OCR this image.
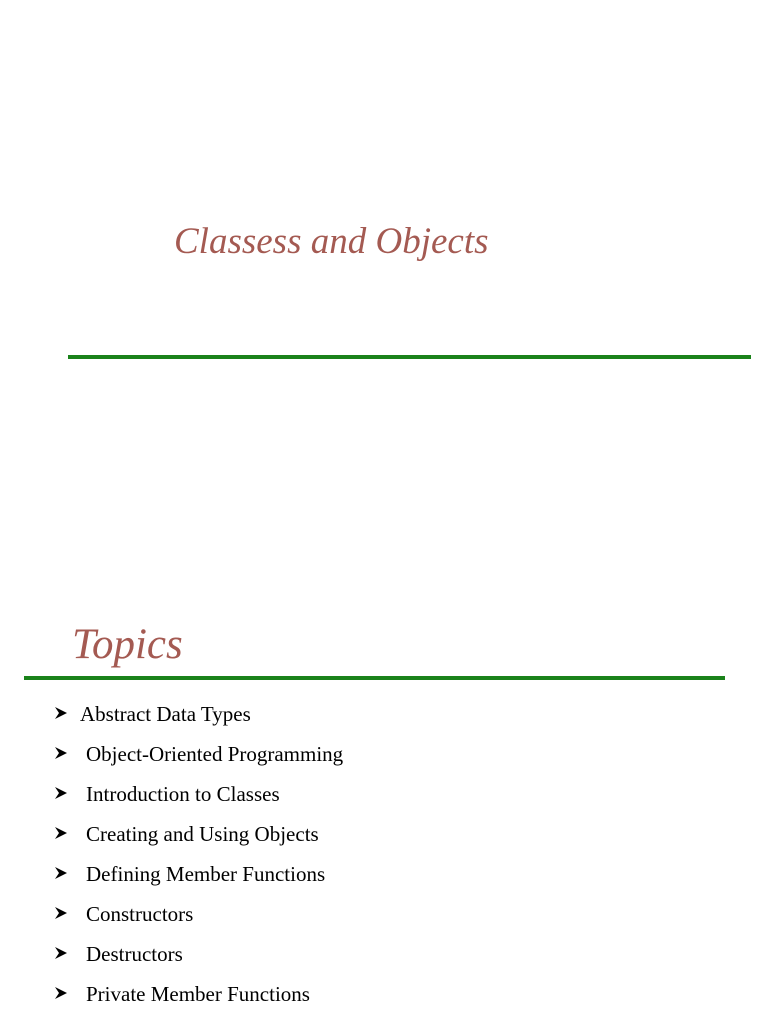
Classess and Objects
Topics
Abstract Data Types
Object-Oriented Programming
Introduction to Classes
Creating and Using Objects
Defining Member Functions
Constructors
Destructors
Private Member Functions
